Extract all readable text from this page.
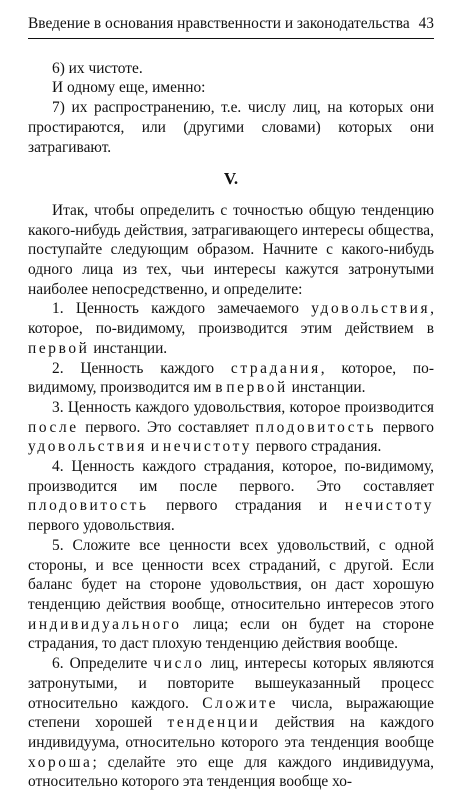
Введение в основания нравственности и законодательства 43

6) их чистоте.

И одному еще, именно:

7) их распространению, т.е. числу лиц, на которых они простираются, или (другими словами) которых они затрагивают.

V.

Итак, чтобы определить с точностью общую тенденцию какого-нибудь действия, затрагивающего интересы общества, поступайте следующим образом. Начните с какого-нибудь одного лица из тех, чьи интересы кажутся затронутыми наиболее непосредственно, и определите:

1. Ценность каждого замечаемого удовольствия, которое, по-видимому, производится этим действием в первой инстанции.

2. Ценность каждого страдания, которое, по-видимому, производится им в первой инстанции.

3. Ценность каждого удовольствия, которое производится после первого. Это составляет плодовитость первого удовольствия и нечистоту первого страдания.

4. Ценность каждого страдания, которое, по-видимому, производится им после первого. Это составляет плодовитость первого страдания и нечистоту первого удовольствия.

5. Сложите все ценности всех удовольствий, с одной стороны, и все ценности всех страданий, с другой. Если баланс будет на стороне удовольствия, он даст хорошую тенденцию действия вообще, относительно интересов этого индивидуального лица; если он будет на стороне страдания, то даст плохую тенденцию действия вообще.

6. Определите число лиц, интересы которых являются затронутыми, и повторите вышеуказанный процесс относительно каждого. Сложите числа, выражающие степени хорошей тенденции действия на каждого индивидуума, относительно которого эта тенденция вообще хороша; сделайте это еще для каждого индивидуума, относительно которого эта тенденция вообще хо-
